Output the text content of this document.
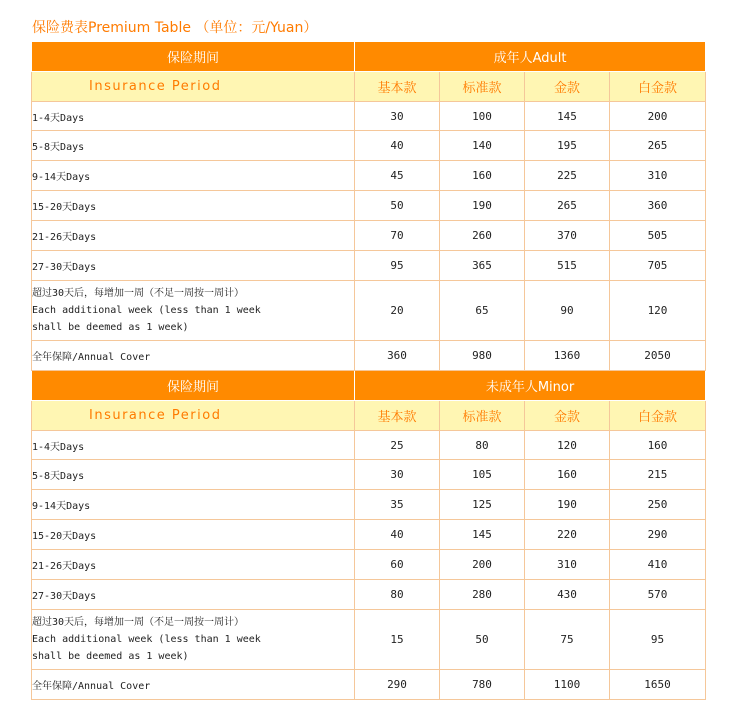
保险费表Premium Table （单位：元/Yuan）
保险期间	成年人Adult			
Insurance Period	基本款	标准款	金款	白金款

1-4天Days	30	100	145	200

5-8天Days	40	140	195	265

9-14天Days	45	160	225	310

15-20天Days	50	190	265	360

21-26天Days	70	260	370	505

27-30天Days	95	365	515	705

超过30天后，每增加一周（不足一周按一周计）
Each additional week (less than 1 week
shall be deemed as 1 week)	20	65	90	120

全年保障/Annual Cover	360	980	1360	2050
保险期间	未成年人Minor			
Insurance Period	基本款	标准款	金款	白金款

1-4天Days	25	80	120	160

5-8天Days	30	105	160	215

9-14天Days	35	125	190	250

15-20天Days	40	145	220	290

21-26天Days	60	200	310	410

27-30天Days	80	280	430	570

超过30天后，每增加一周（不足一周按一周计）
Each additional week (less than 1 week
shall be deemed as 1 week)	15	50	75	95

全年保障/Annual Cover	290	780	1100	1650
